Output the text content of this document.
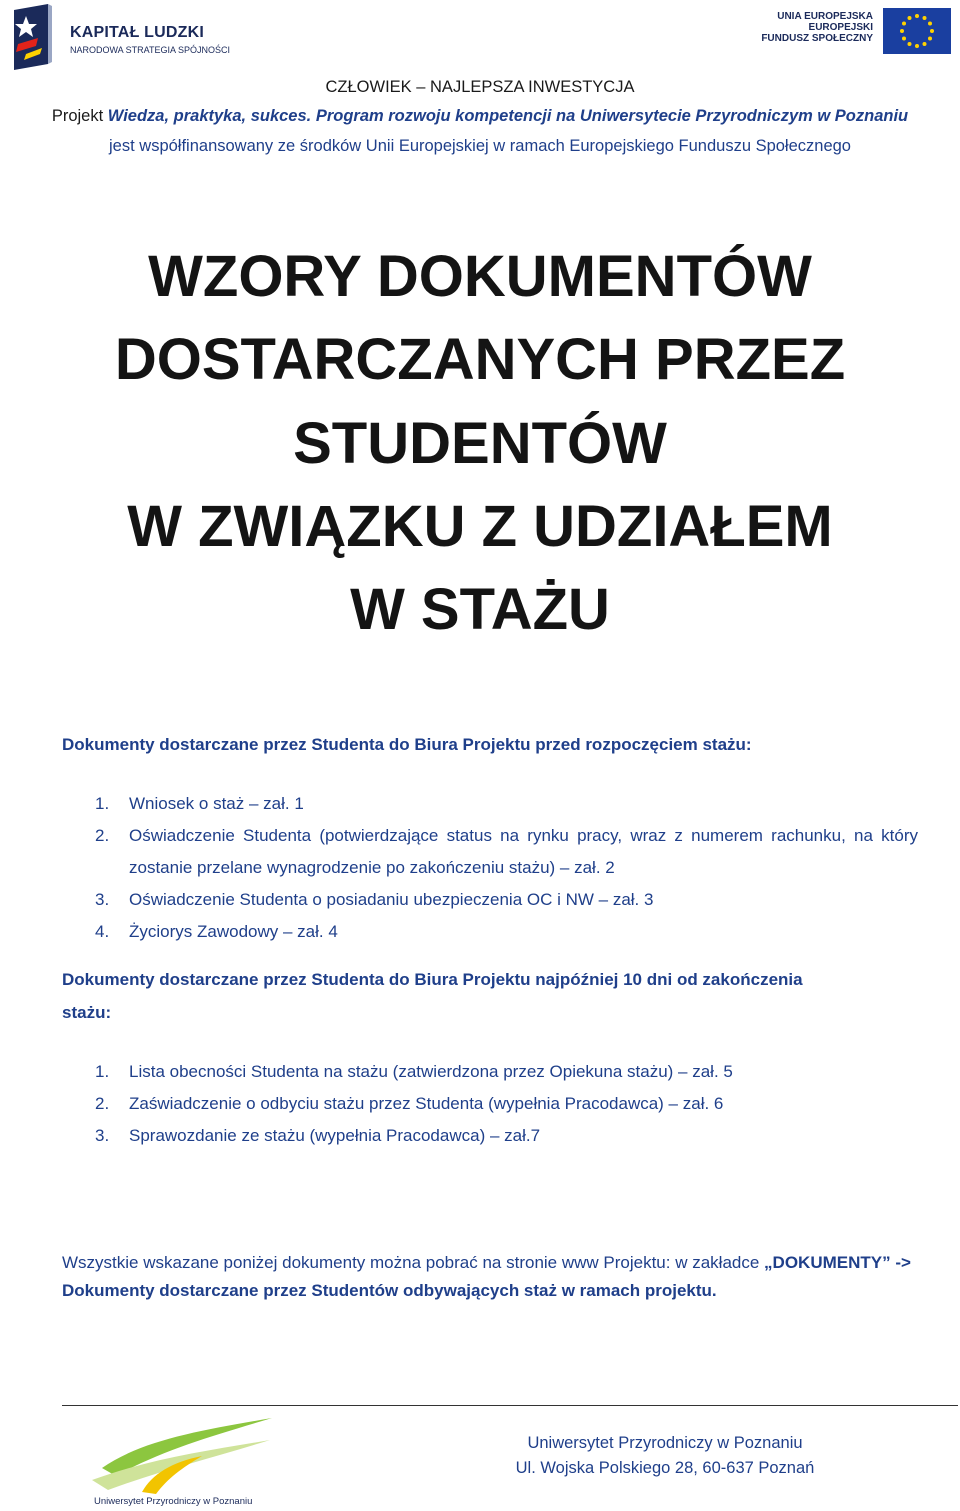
KAPITAŁ LUDZKI
NARODOWA STRATEGIA SPÓJNOŚCI
UNIA EUROPEJSKA
EUROPEJSKI
FUNDUSZ SPOŁECZNY
CZŁOWIEK – NAJLEPSZA INWESTYCJA
Projekt Wiedza, praktyka, sukces. Program rozwoju kompetencji na Uniwersytecie Przyrodniczym w Poznaniu
jest współfinansowany ze środków Unii Europejskiej w ramach Europejskiego Funduszu Społecznego
WZORY DOKUMENTÓW
DOSTARCZANYCH PRZEZ
STUDENTÓW
W ZWIĄZKU Z UDZIAŁEM
W STAŻU
Dokumenty dostarczane przez Studenta do Biura Projektu przed rozpoczęciem stażu:
1. Wniosek o staż – zał. 1
2. Oświadczenie Studenta (potwierdzające status na rynku pracy, wraz z numerem rachunku, na który zostanie przelane wynagrodzenie po zakończeniu stażu) – zał. 2
3. Oświadczenie Studenta o posiadaniu ubezpieczenia OC i NW – zał. 3
4. Życiorys Zawodowy – zał. 4
Dokumenty dostarczane przez Studenta do Biura Projektu najpóźniej 10 dni od zakończenia
stażu:
1. Lista obecności Studenta na stażu (zatwierdzona przez Opiekuna stażu) – zał. 5
2. Zaświadczenie o odbyciu stażu przez Studenta (wypełnia Pracodawca) – zał. 6
3. Sprawozdanie ze stażu (wypełnia Pracodawca) – zał.7
Wszystkie wskazane poniżej dokumenty można pobrać na stronie www Projektu: w zakładce „DOKUMENTY” -> Dokumenty dostarczane przez Studentów odbywających staż w ramach projektu.
Uniwersytet Przyrodniczy w Poznaniu
Uniwersytet Przyrodniczy w Poznaniu
Ul. Wojska Polskiego 28, 60-637 Poznań
